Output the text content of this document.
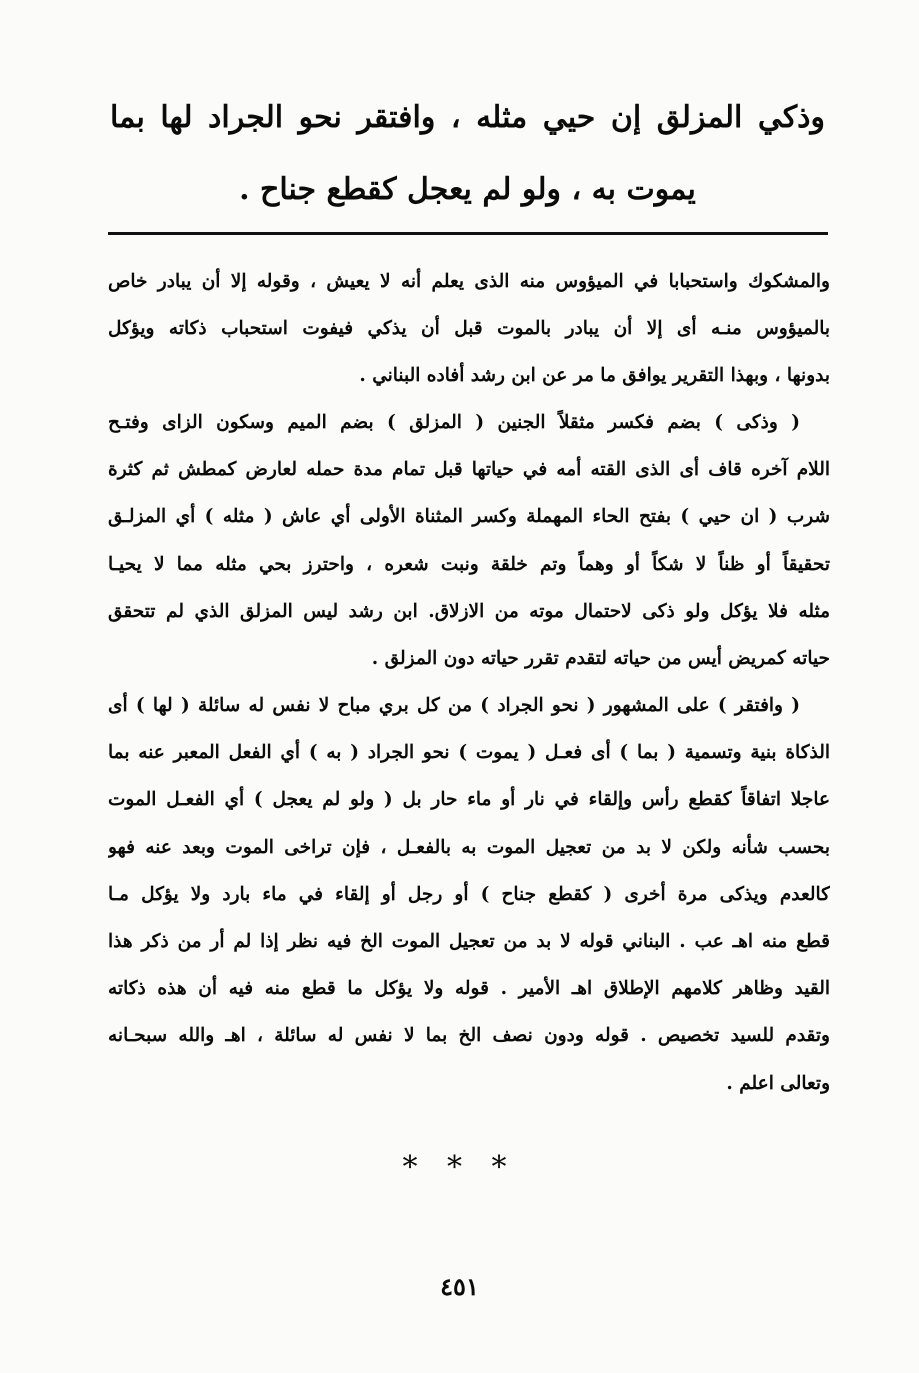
وذكي المزلق إن حيي مثله ، وافتقر نحو الجراد لها بما
يموت به ، ولو لم يعجل كقطع جناح .

والمشكوك واستحبابا في الميؤوس منه الذى يعلم أنه لا يعيش ، وقوله إلا أن يبادر خاص
بالميؤوس منـه أى إلا أن يبادر بالموت قبل أن يذكي فيفوت استحباب ذكاته ويؤكل
بدونها ، وبهذا التقرير يوافق ما مر عن ابن رشد أفاده البناني .

( وذكى ) بضم فكسر مثقلاً الجنين ( المزلق ) بضم الميم وسكون الزاى وفتـح
اللام آخره قاف أى الذى القته أمه في حياتها قبل تمام مدة حمله لعارض كمطش ثم كثرة
شرب ( ان حيي ) بفتح الحاء المهملة وكسر المثناة الأولى أي عاش ( مثله ) أي المزلـق
تحقيقاً أو ظناً لا شكاً أو وهماً وتم خلقة ونبت شعره ، واحترز بحي مثله مما لا يحيـا
مثله فلا يؤكل ولو ذكى لاحتمال موته من الازلاق. ابن رشد ليس المزلق الذي لم تتحقق
حياته كمريض أيس من حياته لتقدم تقرر حياته دون المزلق .

( وافتقر ) على المشهور ( نحو الجراد ) من كل بري مباح لا نفس له سائلة ( لها ) أى
الذكاة بنية وتسمية ( بما ) أى فعـل ( يموت ) نحو الجراد ( به ) أي الفعل المعبر عنه بما
عاجلا اتفاقاً كقطع رأس وإلقاء في نار أو ماء حار بل ( ولو لم يعجل ) أي الفعـل الموت
بحسب شأنه ولكن لا بد من تعجيل الموت به بالفعـل ، فإن تراخى الموت وبعد عنه فهو
كالعدم ويذكى مرة أخرى ( كقطع جناح ) أو رجل أو إلقاء في ماء بارد ولا يؤكل مـا
قطع منه اهـ عب . البناني قوله لا بد من تعجيل الموت الخ فيه نظر إذا لم أر من ذكر هذا
القيد وظاهر كلامهم الإطلاق اهـ الأمير . قوله ولا يؤكل ما قطع منه فيه أن هذه ذكاته
وتقدم للسيد تخصيص . قوله ودون نصف الخ بما لا نفس له سائلة ، اهـ والله سبحـانه
وتعالى اعلم .

* * *
٤٥١
